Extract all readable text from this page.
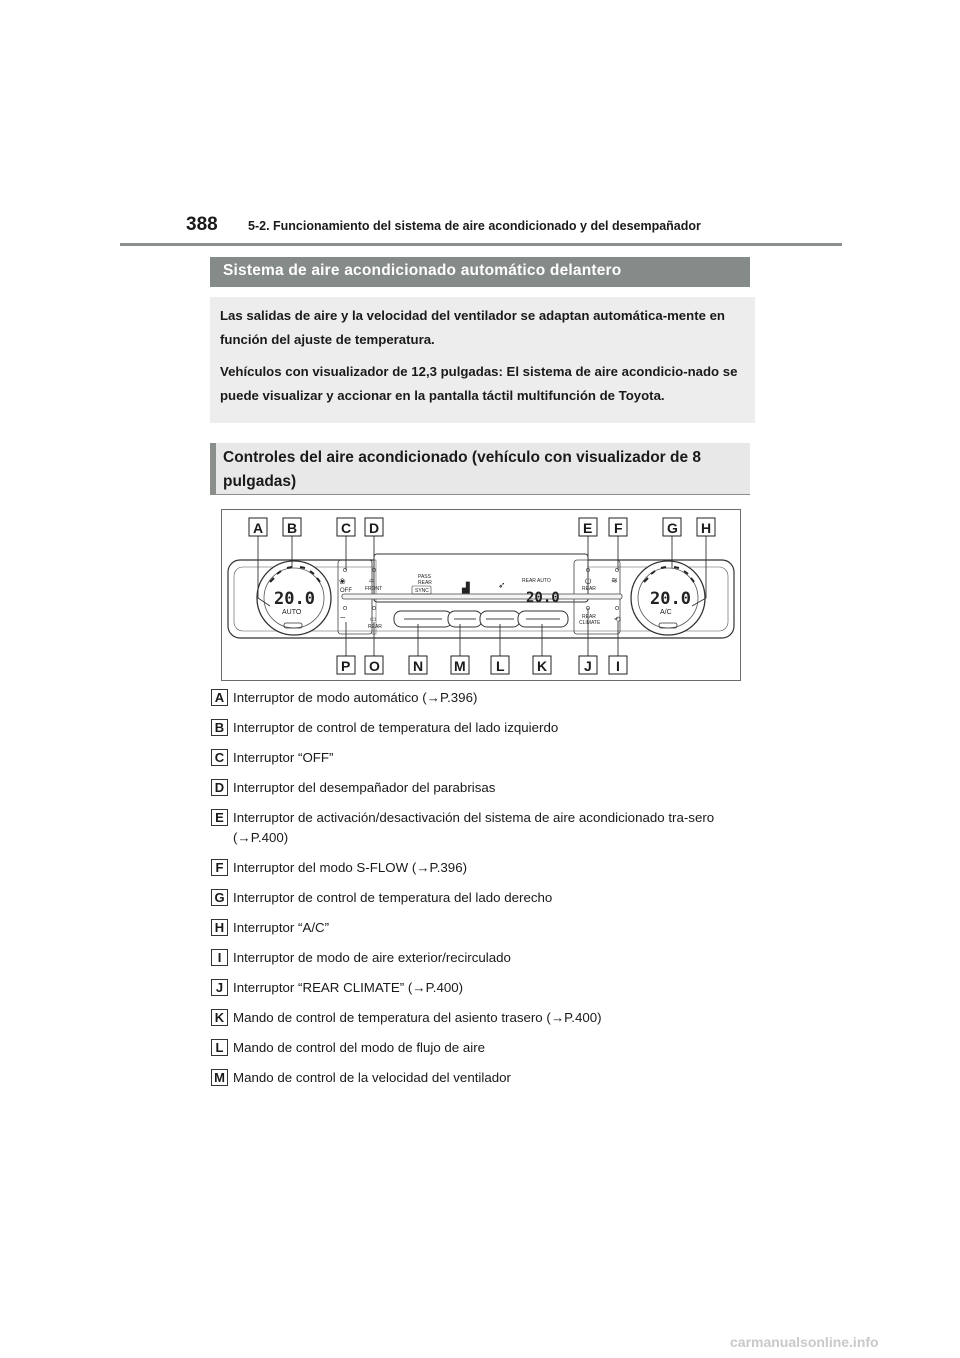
388 5-2. Funcionamiento del sistema de aire acondicionado y del desempañador
Sistema de aire acondicionado automático delantero

Las salidas de aire y la velocidad del ventilador se adaptan automática-mente en función del ajuste de temperatura.

Vehículos con visualizador de 12,3 pulgadas: El sistema de aire acondicio-nado se puede visualizar y accionar en la pantalla táctil multifunción de Toyota.

Controles del aire acondicionado (vehículo con visualizador de 8 pulgadas)
❀	⌓
▟	➶	⏻ ≋
⌔	▭	⟲
20.0
AUTO
20.0
A/C
20.0
OFF	FRONT
REAR
PASS
REAR
SYNC
REAR AUTO
REAR
REAR
CLIMATE
A B	C D	E F	G H
P O N M L K	J I
A Interruptor de modo automático (→P.396)
B Interruptor de control de temperatura del lado izquierdo
C Interruptor “OFF”
D Interruptor del desempañador del parabrisas
E Interruptor de activación/desactivación del sistema de aire acondicionado tra-sero (→P.400)
F Interruptor del modo S-FLOW (→P.396)
G Interruptor de control de temperatura del lado derecho
H Interruptor “A/C”
I Interruptor de modo de aire exterior/recirculado
J Interruptor “REAR CLIMATE” (→P.400)
K Mando de control de temperatura del asiento trasero (→P.400)
L Mando de control del modo de flujo de aire
M Mando de control de la velocidad del ventilador
carmanualsonline.info
